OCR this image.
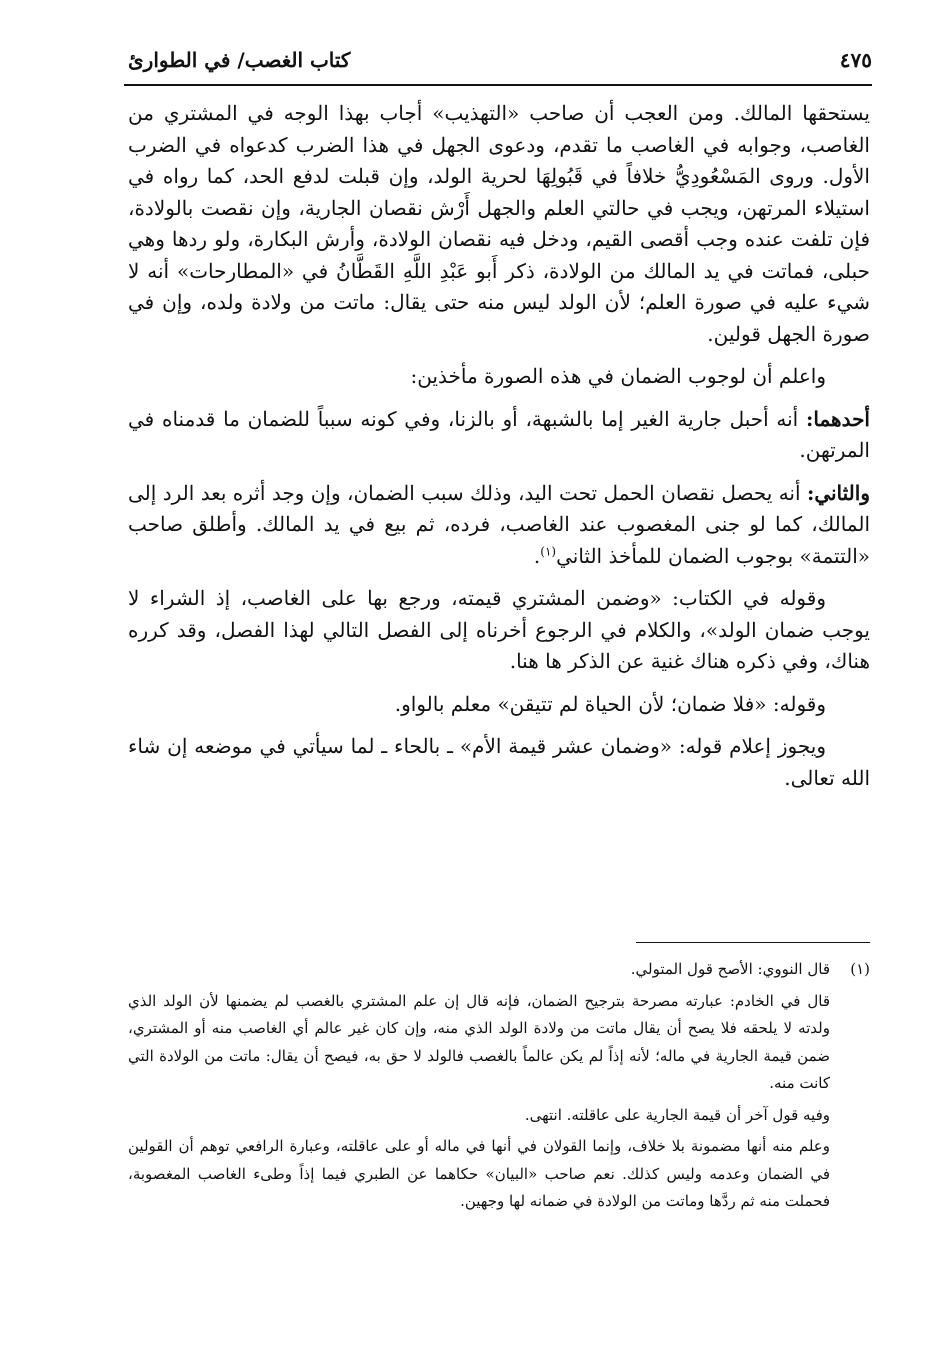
كتاب الغصب/ في الطوارئ	٤٧٥

يستحقها المالك. ومن العجب أن صاحب «التهذيب» أجاب بهذا الوجه في المشتري من الغاصب، وجوابه في الغاصب ما تقدم، ودعوى الجهل في هذا الضرب كدعواه في الضرب الأول. وروى المَسْعُودِيُّ خلافاً في قَبُولِهَا لحرية الولد، وإن قبلت لدفع الحد، كما رواه في استيلاء المرتهن، ويجب في حالتي العلم والجهل أَرْش نقصان الجارية، وإن نقصت بالولادة، فإن تلفت عنده وجب أقصى القيم، ودخل فيه نقصان الولادة، وأرش البكارة، ولو ردها وهي حبلى، فماتت في يد المالك من الولادة، ذكر أَبو عَبْدِ اللَّهِ القَطَّانُ في «المطارحات» أنه لا شيء عليه في صورة العلم؛ لأن الولد ليس منه حتى يقال: ماتت من ولادة ولده، وإن في صورة الجهل قولين.

واعلم أن لوجوب الضمان في هذه الصورة مأخذين:

أحدهما: أنه أحبل جارية الغير إما بالشبهة، أو بالزنا، وفي كونه سبباً للضمان ما قدمناه في المرتهن.

والثاني: أنه يحصل نقصان الحمل تحت اليد، وذلك سبب الضمان، وإن وجد أثره بعد الرد إلى المالك، كما لو جنى المغصوب عند الغاصب، فرده، ثم بيع في يد المالك. وأطلق صاحب «التتمة» بوجوب الضمان للمأخذ الثاني$^{(١)}$.

وقوله في الكتاب: «وضمن المشتري قيمته، ورجع بها على الغاصب، إذ الشراء لا يوجب ضمان الولد»، والكلام في الرجوع أخرناه إلى الفصل التالي لهذا الفصل، وقد كرره هناك، وفي ذكره هناك غنية عن الذكر ها هنا.

وقوله: «فلا ضمان؛ لأن الحياة لم تتيقن» معلم بالواو.

ويجوز إعلام قوله: «وضمان عشر قيمة الأم» ـ بالحاء ـ لما سيأتي في موضعه إن شاء الله تعالى.

(١)

قال النووي: الأصح قول المتولي.

قال في الخادم: عبارته مصرحة بترجيح الضمان، فإنه قال إن علم المشتري بالغصب لم يضمنها لأن الولد الذي ولدته لا يلحقه فلا يصح أن يقال ماتت من ولادة الولد الذي منه، وإن كان غير عالم أي الغاصب منه أو المشتري، ضمن قيمة الجارية في ماله؛ لأنه إذاً لم يكن عالماً بالغصب فالولد لا حق به، فيصح أن يقال: ماتت من الولادة التي كانت منه.

وفيه قول آخر أن قيمة الجارية على عاقلته. انتهى.

وعلم منه أنها مضمونة بلا خلاف، وإنما القولان في أنها في ماله أو على عاقلته، وعبارة الرافعي توهم أن القولين في الضمان وعدمه وليس كذلك. نعم صاحب «البيان» حكاهما عن الطبري فيما إذاً وطىء الغاصب المغصوبة، فحملت منه ثم ردَّها وماتت من الولادة في ضمانه لها وجهين.
